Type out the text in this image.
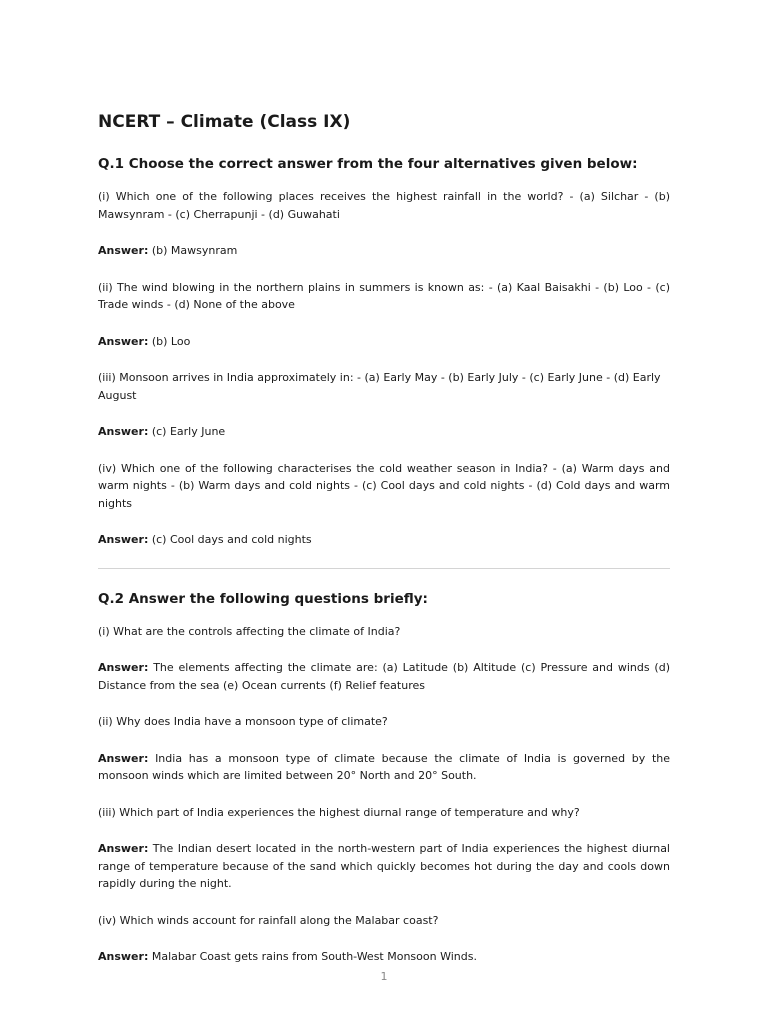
NCERT – Climate (Class IX)
Q.1 Choose the correct answer from the four alternatives given below:

(i) Which one of the following places receives the highest rainfall in the world? - (a) Silchar - (b) Mawsynram - (c) Cherrapunji - (d) Guwahati

Answer: (b) Mawsynram

(ii) The wind blowing in the northern plains in summers is known as: - (a) Kaal Baisakhi - (b) Loo - (c) Trade winds - (d) None of the above

Answer: (b) Loo

(iii) Monsoon arrives in India approximately in: - (a) Early May - (b) Early July - (c) Early June - (d) Early August

Answer: (c) Early June

(iv) Which one of the following characterises the cold weather season in India? - (a) Warm days and warm nights - (b) Warm days and cold nights - (c) Cool days and cold nights - (d) Cold days and warm nights

Answer: (c) Cool days and cold nights

Q.2 Answer the following questions briefly:

(i) What are the controls affecting the climate of India?

Answer: The elements affecting the climate are: (a) Latitude (b) Altitude (c) Pressure and winds (d) Distance from the sea (e) Ocean currents (f) Relief features

(ii) Why does India have a monsoon type of climate?

Answer: India has a monsoon type of climate because the climate of India is governed by the monsoon winds which are limited between 20° North and 20° South.

(iii) Which part of India experiences the highest diurnal range of temperature and why?

Answer: The Indian desert located in the north-western part of India experiences the highest diurnal range of temperature because of the sand which quickly becomes hot during the day and cools down rapidly during the night.

(iv) Which winds account for rainfall along the Malabar coast?

Answer: Malabar Coast gets rains from South-West Monsoon Winds.

1
